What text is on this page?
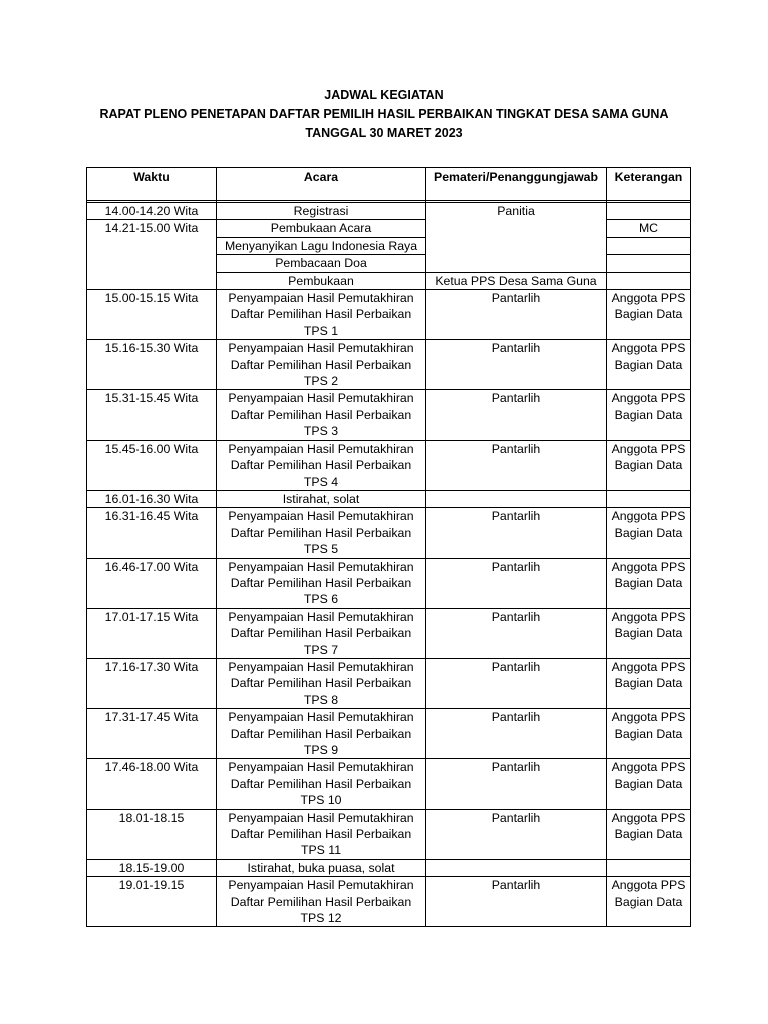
JADWAL KEGIATAN
RAPAT PLENO PENETAPAN DAFTAR PEMILIH HASIL PERBAIKAN TINGKAT DESA SAMA GUNA
TANGGAL 30 MARET 2023
Waktu	Acara	Pemateri/Penanggungjawab	Keterangan

14.00-14.20 Wita	Registrasi	Panitia	
14.21-15.00 Wita	Pembukaan Acara		MC
	Menyanyikan Lagu Indonesia Raya		
	Pembacaan Doa		
	Pembukaan	Ketua PPS Desa Sama Guna	
15.00-15.15 Wita	Penyampaian Hasil Pemutakhiran Daftar Pemilihan Hasil Perbaikan TPS 1	Pantarlih	Anggota PPS Bagian Data
15.16-15.30 Wita	Penyampaian Hasil Pemutakhiran Daftar Pemilihan Hasil Perbaikan TPS 2	Pantarlih	Anggota PPS Bagian Data
15.31-15.45 Wita	Penyampaian Hasil Pemutakhiran Daftar Pemilihan Hasil Perbaikan TPS 3	Pantarlih	Anggota PPS Bagian Data
15.45-16.00 Wita	Penyampaian Hasil Pemutakhiran Daftar Pemilihan Hasil Perbaikan TPS 4	Pantarlih	Anggota PPS Bagian Data
16.01-16.30 Wita	Istirahat, solat		
16.31-16.45 Wita	Penyampaian Hasil Pemutakhiran Daftar Pemilihan Hasil Perbaikan TPS 5	Pantarlih	Anggota PPS Bagian Data
16.46-17.00 Wita	Penyampaian Hasil Pemutakhiran Daftar Pemilihan Hasil Perbaikan TPS 6	Pantarlih	Anggota PPS Bagian Data
17.01-17.15 Wita	Penyampaian Hasil Pemutakhiran Daftar Pemilihan Hasil Perbaikan TPS 7	Pantarlih	Anggota PPS Bagian Data
17.16-17.30 Wita	Penyampaian Hasil Pemutakhiran Daftar Pemilihan Hasil Perbaikan TPS 8	Pantarlih	Anggota PPS Bagian Data
17.31-17.45 Wita	Penyampaian Hasil Pemutakhiran Daftar Pemilihan Hasil Perbaikan TPS 9	Pantarlih	Anggota PPS Bagian Data
17.46-18.00 Wita	Penyampaian Hasil Pemutakhiran Daftar Pemilihan Hasil Perbaikan TPS 10	Pantarlih	Anggota PPS Bagian Data
18.01-18.15	Penyampaian Hasil Pemutakhiran Daftar Pemilihan Hasil Perbaikan TPS 11	Pantarlih	Anggota PPS Bagian Data
18.15-19.00	Istirahat, buka puasa, solat		
19.01-19.15	Penyampaian Hasil Pemutakhiran Daftar Pemilihan Hasil Perbaikan TPS 12	Pantarlih	Anggota PPS Bagian Data
